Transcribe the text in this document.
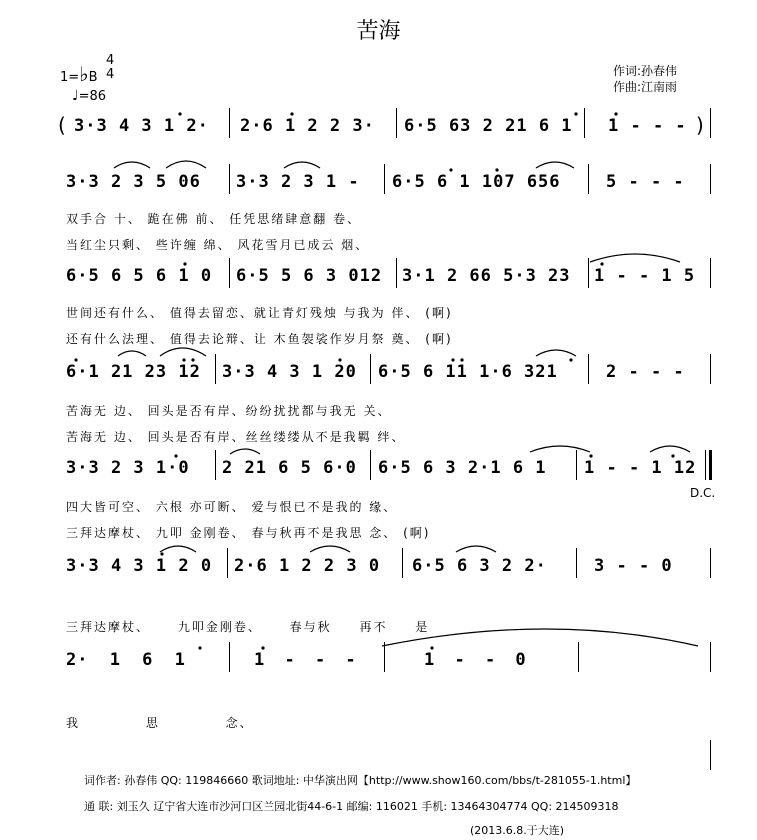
苦海
1=♭B
4
4
♩=86
作词:孙春伟
作曲:江南雨
( 3·3 4 3 1 2· 2·6 1 2 2 3· 6·5 63 2 21 6 1 1 - - - )
3·3 2 3 5 06 3·3 2 3 1 - 6·5 6 1 107 656	5 - - -
双手合 十、 跪在佛 前、 任凭思绪肆意翻 卷、
当红尘只剩、 些许缠 绵、 风花雪月已成云 烟、
6·5 6 5 6 1 0 6·5 5 6 3 012 3·1 2 66 5·3 23 1 - - 1 5
世间还有什么、 值得去留恋、就让青灯残烛 与我为 伴、 (啊)
还有什么法理、 值得去论辩、让 木鱼袈裟作岁月祭 奠、 (啊)
6·1 21 23 12 3·3 4 3 1 20 6·5 6 11 1·6 321	2 - - -
苦海无 边、 回头是否有岸、纷纷扰扰都与我无 关、
苦海无 边、 回头是否有岸、丝丝缕缕从不是我羁 绊、
3·3 2 3 1·0 2 21 6 5 6·0 6·5 6 3 2·1 6 1 1 - - 1 12
D.C.
四大皆可空、 六根 亦可断、 爱与恨已不是我的 缘、
三拜达摩杖、 九叩 金刚卷、 春与秋再不是我思 念、 (啊)
3·3 4 3 1 2 0 2·6 1 2 2 3 0 6·5 6 3 2 2·	3 - - 0
三拜达摩杖、 九叩金刚卷、 春与秋 再不 是
2· 1 6 1	1 - - -	1 - - 0
我 思 念、
词作者: 孙春伟 QQ: 119846660 歌词地址: 中华演出网【http://www.show160.com/bbs/t-281055-1.html】
通 联: 刘玉久 辽宁省大连市沙河口区兰园北街44-6-1 邮编: 116021 手机: 13464304774 QQ: 214509318
(2013.6.8.于大连)
